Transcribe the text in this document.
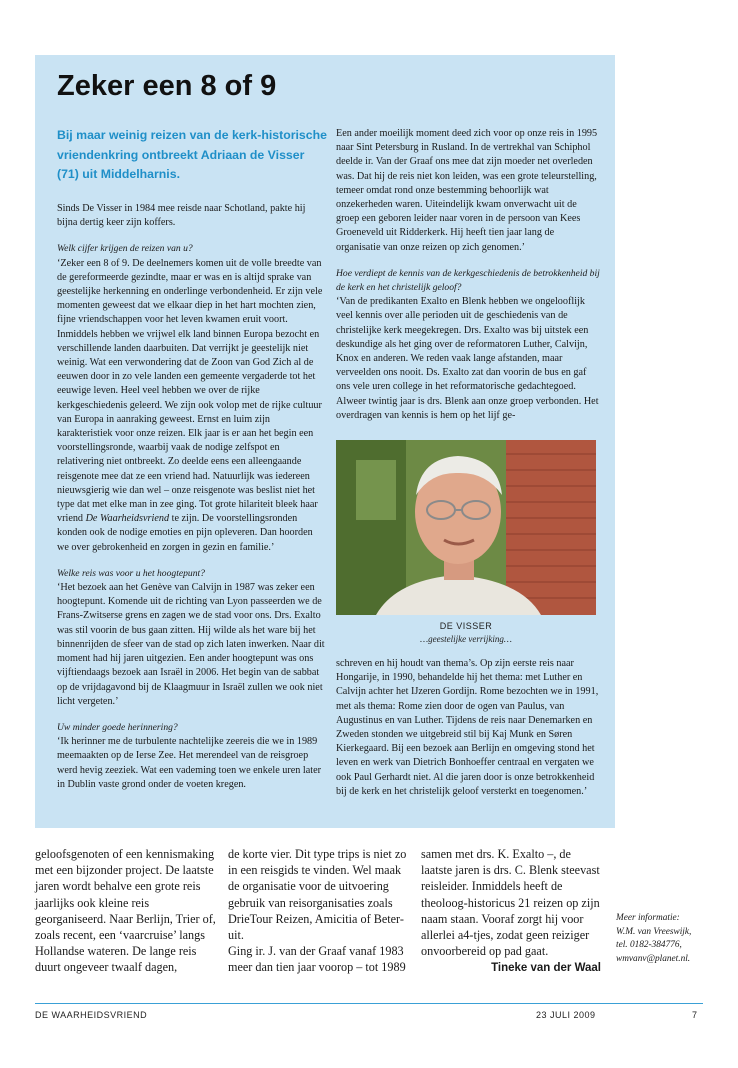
Zeker een 8 of 9

Bij maar weinig reizen van de kerk-historische vriendenkring ontbreekt Adriaan de Visser (71) uit Middelharnis.

Sinds De Visser in 1984 mee reisde naar Schotland, pakte hij bijna dertig keer zijn koffers.

Welk cijfer krijgen de reizen van u?

‘Zeker een 8 of 9. De deelnemers komen uit de volle breedte van de gereformeerde gezindte, maar er was en is altijd sprake van geestelijke herkenning en onderlinge verbondenheid. Er zijn vele momenten geweest dat we elkaar diep in het hart mochten zien, fijne vriendschappen voor het leven kwamen eruit voort. Inmiddels hebben we vrijwel elk land binnen Europa bezocht en verschillende landen daarbuiten. Dat verrijkt je geestelijk niet weinig. Wat een verwondering dat de Zoon van God Zich al de eeuwen door in zo vele landen een gemeente vergaderde tot het eeuwige leven. Heel veel hebben we over de rijke kerkgeschiedenis geleerd. We zijn ook volop met de rijke cultuur van Europa in aanraking geweest. Ernst en luim zijn karakteristiek voor onze reizen. Elk jaar is er aan het begin een voorstellingsronde, waarbij vaak de nodige zelfspot en relativering niet ontbreekt. Zo deelde eens een alleengaande reisgenote mee dat ze een vriend had. Natuurlijk was iedereen nieuwsgierig wie dan wel – onze reisgenote was beslist niet het type dat met elke man in zee ging. Tot grote hilariteit bleek haar vriend De Waarheidsvriend te zijn. De voorstellingsronden konden ook de nodige emoties en pijn opleveren. Dan hoorden we over gebrokenheid en zorgen in gezin en familie.’

Welke reis was voor u het hoogtepunt?

‘Het bezoek aan het Genève van Calvijn in 1987 was zeker een hoogtepunt. Komende uit de richting van Lyon passeerden we de Frans-Zwitserse grens en zagen we de stad voor ons. Drs. Exalto was stil voorin de bus gaan zitten. Hij wilde als het ware bij het binnenrijden de sfeer van de stad op zich laten inwerken. Naar dit moment had hij jaren uitgezien. Een ander hoogtepunt was ons vijftiendaags bezoek aan Israël in 2006. Het begin van de sabbat op de vrijdagavond bij de Klaagmuur in Israël zullen we ook niet licht vergeten.’

Uw minder goede herinnering?

‘Ik herinner me de turbulente nachtelijke zeereis die we in 1989 meemaakten op de Ierse Zee. Het merendeel van de reisgroep werd hevig zeeziek. Wat een vademing toen we enkele uren later in Dublin vaste grond onder de voeten kregen.

Een ander moeilijk moment deed zich voor op onze reis in 1995 naar Sint Petersburg in Rusland. In de vertrekhal van Schiphol deelde ir. Van der Graaf ons mee dat zijn moeder net overleden was. Dat hij de reis niet kon leiden, was een grote teleurstelling, temeer omdat rond onze bestemming behoorlijk wat onzekerheden waren. Uiteindelijk kwam onverwacht uit de groep een geboren leider naar voren in de persoon van Kees Groeneveld uit Ridderkerk. Hij heeft tien jaar lang de organisatie van onze reizen op zich genomen.’

Hoe verdiept de kennis van de kerkgeschiedenis de betrokkenheid bij de kerk en het christelijk geloof?

‘Van de predikanten Exalto en Blenk hebben we ongelooflijk veel kennis over alle perioden uit de geschiedenis van de christelijke kerk meegekregen. Drs. Exalto was bij uitstek een deskundige als het ging over de reformatoren Luther, Calvijn, Knox en anderen. We reden vaak lange afstanden, maar verveelden ons nooit. Ds. Exalto zat dan voorin de bus en gaf ons vele uren college in het reformatorische gedachtegoed. Alweer twintig jaar is drs. Blenk aan onze groep verbonden. Het overdragen van kennis is hem op het lijf ge-

DE VISSER
…geestelijke verrijking…

schreven en hij houdt van thema’s. Op zijn eerste reis naar Hongarije, in 1990, behandelde hij het thema: met Luther en Calvijn achter het IJzeren Gordijn. Rome bezochten we in 1991, met als thema: Rome zien door de ogen van Paulus, van Augustinus en van Luther. Tijdens de reis naar Denemarken en Zweden stonden we uitgebreid stil bij Kaj Munk en Søren Kierkegaard. Bij een bezoek aan Berlijn en omgeving stond het leven en werk van Dietrich Bonhoeffer centraal en vergaten we ook Paul Gerhardt niet. Al die jaren door is onze betrokkenheid bij de kerk en het christelijk geloof versterkt en toegenomen.’

geloofsgenoten of een kennismaking met een bijzonder project. De laatste jaren wordt behalve een grote reis jaarlijks ook kleine reis georganiseerd. Naar Berlijn, Trier of, zoals recent, een ‘vaarcruise’ langs Hollandse wateren. De lange reis duurt ongeveer twaalf dagen,

de korte vier. Dit type trips is niet zo in een reisgids te vinden. Wel maak de organisatie voor de uitvoering gebruik van reisorganisaties zoals DrieTour Reizen, Amicitia of Beter-uit.

Ging ir. J. van der Graaf vanaf 1983 meer dan tien jaar voorop – tot 1989

samen met drs. K. Exalto –, de laatste jaren is drs. C. Blenk steevast reisleider. Inmiddels heeft de theoloog-historicus 21 reizen op zijn naam staan. Vooraf zorgt hij voor allerlei a4-tjes, zodat geen reiziger onvoorbereid op pad gaat.

Tineke van der Waal

Meer informatie:
W.M. van Vreeswijk,
tel. 0182-384776,
wmvanv@planet.nl.
DE WAARHEIDSVRIEND	23 JULI 2009	7
